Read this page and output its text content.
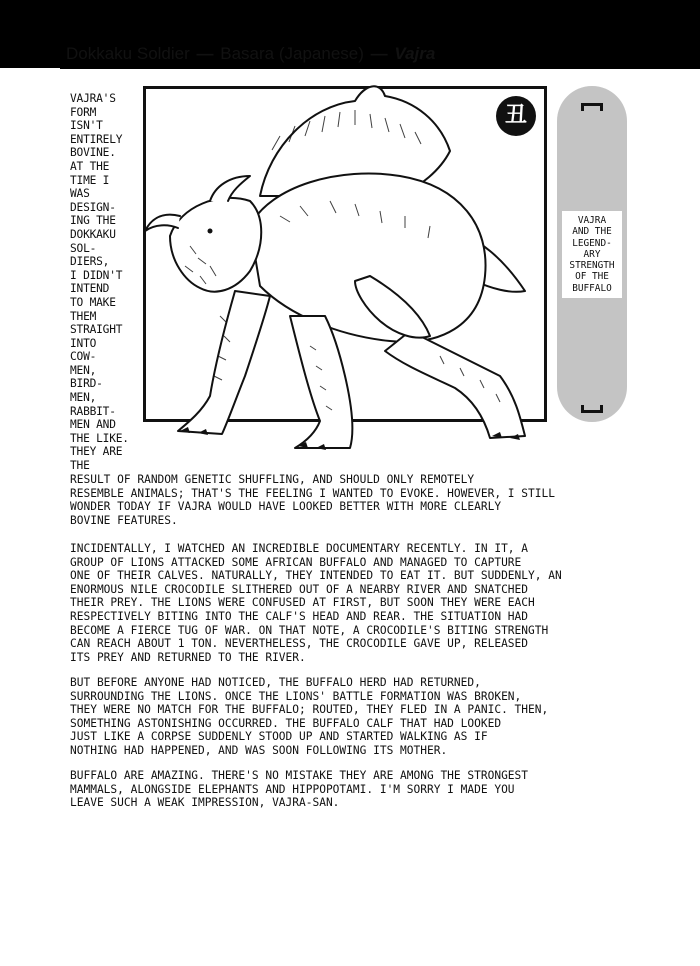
Dokkaku Soldier — Basara (Japanese) — Vajra
VAJRA'S
FORM
ISN'T
ENTIRELY
BOVINE.
AT THE
TIME I
WAS
DESIGN-
ING THE
DOKKAKU
SOL-
DIERS,
I DIDN'T
INTEND
TO MAKE
THEM
STRAIGHT
INTO
COW-
MEN,
BIRD-
MEN,
RABBIT-
MEN AND
THE LIKE.
THEY ARE
THE
丑
VAJRA
AND THE
LEGEND-
ARY
STRENGTH
OF THE
BUFFALO
RESULT OF RANDOM GENETIC SHUFFLING, AND SHOULD ONLY REMOTELY
RESEMBLE ANIMALS; THAT'S THE FEELING I WANTED TO EVOKE. HOWEVER, I STILL
WONDER TODAY IF VAJRA WOULD HAVE LOOKED BETTER WITH MORE CLEARLY
BOVINE FEATURES.
INCIDENTALLY, I WATCHED AN INCREDIBLE DOCUMENTARY RECENTLY. IN IT, A
GROUP OF LIONS ATTACKED SOME AFRICAN BUFFALO AND MANAGED TO CAPTURE
ONE OF THEIR CALVES. NATURALLY, THEY INTENDED TO EAT IT. BUT SUDDENLY, AN
ENORMOUS NILE CROCODILE SLITHERED OUT OF A NEARBY RIVER AND SNATCHED
THEIR PREY. THE LIONS WERE CONFUSED AT FIRST, BUT SOON THEY WERE EACH
RESPECTIVELY BITING INTO THE CALF'S HEAD AND REAR. THE SITUATION HAD
BECOME A FIERCE TUG OF WAR. ON THAT NOTE, A CROCODILE'S BITING STRENGTH
CAN REACH ABOUT 1 TON. NEVERTHELESS, THE CROCODILE GAVE UP, RELEASED
ITS PREY AND RETURNED TO THE RIVER.
BUT BEFORE ANYONE HAD NOTICED, THE BUFFALO HERD HAD RETURNED,
SURROUNDING THE LIONS. ONCE THE LIONS' BATTLE FORMATION WAS BROKEN,
THEY WERE NO MATCH FOR THE BUFFALO; ROUTED, THEY FLED IN A PANIC. THEN,
SOMETHING ASTONISHING OCCURRED. THE BUFFALO CALF THAT HAD LOOKED
JUST LIKE A CORPSE SUDDENLY STOOD UP AND STARTED WALKING AS IF
NOTHING HAD HAPPENED, AND WAS SOON FOLLOWING ITS MOTHER.
BUFFALO ARE AMAZING. THERE'S NO MISTAKE THEY ARE AMONG THE STRONGEST
MAMMALS, ALONGSIDE ELEPHANTS AND HIPPOPOTAMI. I'M SORRY I MADE YOU
LEAVE SUCH A WEAK IMPRESSION, VAJRA-SAN.
